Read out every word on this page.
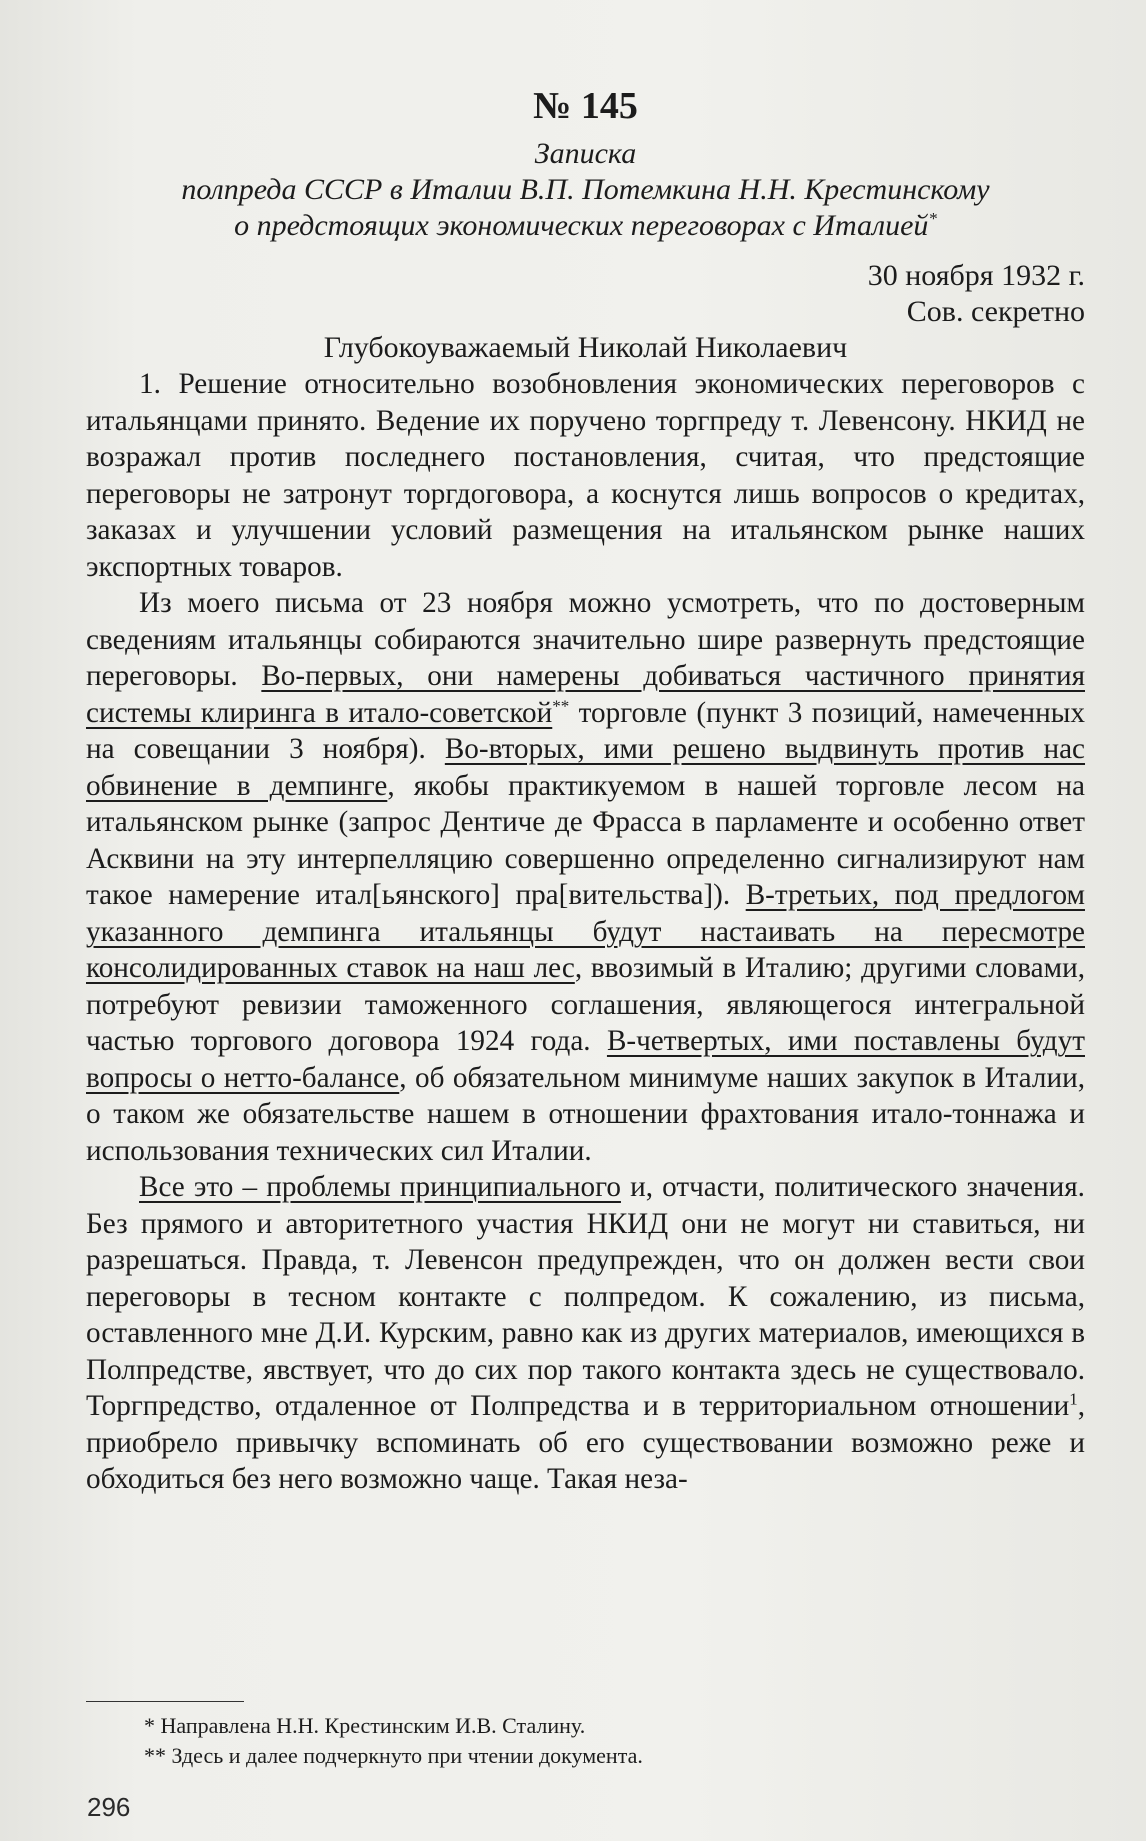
№ 145
Записка
полпреда СССР в Италии В.П. Потемкина Н.Н. Крестинскому
о предстоящих экономических переговорах с Италией*
30 ноября 1932 г.
Сов. секретно
Глубокоуважаемый Николай Николаевич

1. Решение относительно возобновления экономических переговоров с итальянцами принято. Ведение их поручено торгпреду т. Левенсону. НКИД не возражал против последнего постановления, считая, что предстоящие переговоры не затронут торгдоговора, а коснутся лишь вопросов о кредитах, заказах и улучшении условий размещения на итальянском рынке наших экспортных товаров.

Из моего письма от 23 ноября можно усмотреть, что по достоверным сведениям итальянцы собираются значительно шире развернуть предстоящие переговоры. Во-первых, они намерены добиваться частичного принятия системы клиринга в итало-советской** торговле (пункт 3 позиций, намеченных на совещании 3 ноября). Во-вторых, ими решено выдвинуть против нас обвинение в демпинге, якобы практикуемом в нашей торговле лесом на итальянском рынке (запрос Дентиче де Фрасса в парламенте и особенно ответ Асквини на эту интерпелляцию совершенно определенно сигнализируют нам такое намерение итал[ьянского] пра[вительства]). В-третьих, под предлогом указанного демпинга итальянцы будут настаивать на пересмотре консолидированных ставок на наш лес, ввозимый в Италию; другими словами, потребуют ревизии таможенного соглашения, являющегося интегральной частью торгового договора 1924 года. В-четвертых, ими поставлены будут вопросы о нетто-балансе, об обязательном минимуме наших закупок в Италии, о таком же обязательстве нашем в отношении фрахтования итало-тоннажа и использования технических сил Италии.

Все это – проблемы принципиального и, отчасти, политического значения. Без прямого и авторитетного участия НКИД они не могут ни ставиться, ни разрешаться. Правда, т. Левенсон предупрежден, что он должен вести свои переговоры в тесном контакте с полпредом. К сожалению, из письма, оставленного мне Д.И. Курским, равно как из других материалов, имеющихся в Полпредстве, явствует, что до сих пор такого контакта здесь не существовало. Торгпредство, отдаленное от Полпредства и в территориальном отношении$^1$, приобрело привычку вспоминать об его существовании возможно реже и обходиться без него возможно чаще. Такая неза-

* Направлена Н.Н. Крестинским И.В. Сталину.
** Здесь и далее подчеркнуто при чтении документа.
296
